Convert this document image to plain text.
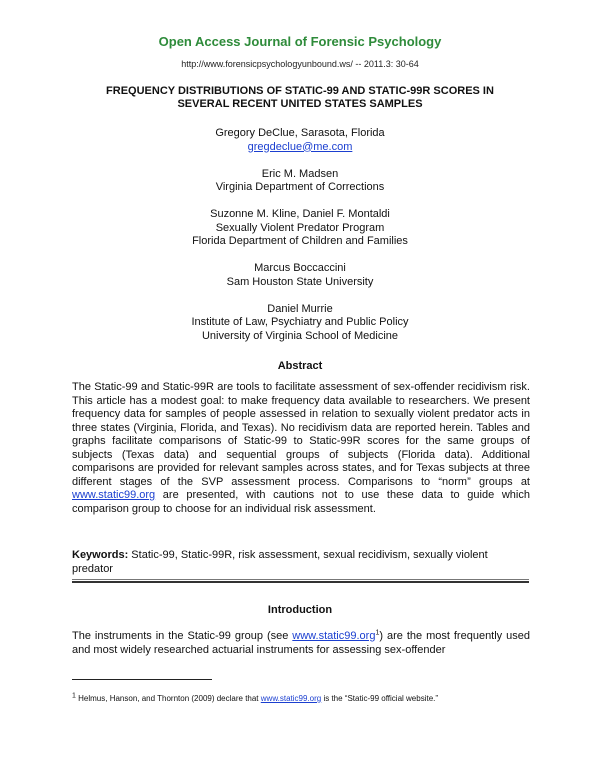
Open Access Journal of Forensic Psychology
http://www.forensicpsychologyunbound.ws/ -- 2011.3: 30-64
FREQUENCY DISTRIBUTIONS OF STATIC-99 AND STATIC-99R SCORES IN
SEVERAL RECENT UNITED STATES SAMPLES
Gregory DeClue, Sarasota, Florida
gregdeclue@me.com
Eric M. Madsen
Virginia Department of Corrections
Suzonne M. Kline, Daniel F. Montaldi
Sexually Violent Predator Program
Florida Department of Children and Families
Marcus Boccaccini
Sam Houston State University
Daniel Murrie
Institute of Law, Psychiatry and Public Policy
University of Virginia School of Medicine
Abstract
The Static-99 and Static-99R are tools to facilitate assessment of sex-offender recidivism risk. This article has a modest goal: to make frequency data available to researchers. We present frequency data for samples of people assessed in relation to sexually violent predator acts in three states (Virginia, Florida, and Texas). No recidivism data are reported herein. Tables and graphs facilitate comparisons of Static-99 to Static-99R scores for the same groups of subjects (Texas data) and sequential groups of subjects (Florida data). Additional comparisons are provided for relevant samples across states, and for Texas subjects at three different stages of the SVP assessment process. Comparisons to “norm” groups at www.static99.org are presented, with cautions not to use these data to guide which comparison group to choose for an individual risk assessment.
Keywords: Static-99, Static-99R, risk assessment, sexual recidivism, sexually violent predator
Introduction
The instruments in the Static-99 group (see www.static99.org$^1$) are the most frequently used and most widely researched actuarial instruments for assessing sex-offender
$^1$ Helmus, Hanson, and Thornton (2009) declare that www.static99.org is the “Static-99 official website.”
